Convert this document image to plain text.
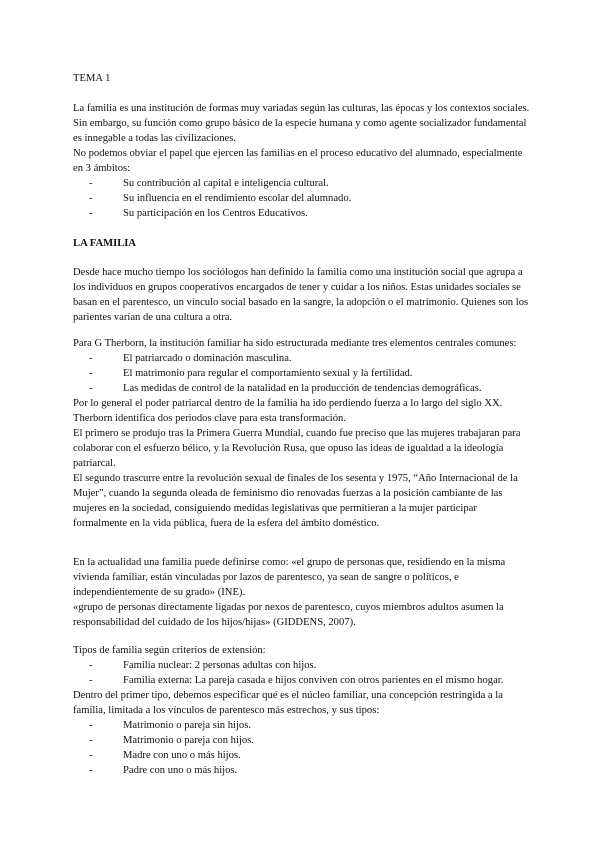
TEMA 1

La familia es una institución de formas muy variadas según las culturas, las épocas y los contextos sociales. Sin embargo, su función como grupo básico de la especie humana y como agente socializador fundamental es innegable a todas las civilizaciones.

No podemos obviar el papel que ejercen las familias en el proceso educativo del alumnado, especialmente en 3 ámbitos:

- Su contribución al capital e inteligencia cultural.
- Su influencia en el rendimiento escolar del alumnado.
- Su participación en los Centros Educativos.

LA FAMILIA

Desde hace mucho tiempo los sociólogos han definido la familia como una institución social que agrupa a los individuos en grupos cooperativos encargados de tener y cuidar a los niños. Estas unidades sociales se basan en el parentesco, un vínculo social basado en la sangre, la adopción o el matrimonio. Quienes son los parientes varían de una cultura a otra.

Para G Therborn, la institución familiar ha sido estructurada mediante tres elementos centrales comunes:

- El patriarcado o dominación masculina.
- El matrimonio para regular el comportamiento sexual y la fertilidad.
- Las medidas de control de la natalidad en la producción de tendencias demográficas.

Por lo general el poder patriarcal dentro de la familia ha ido perdiendo fuerza a lo largo del siglo XX. Therborn identifica dos periodos clave para esta transformación.

El primero se produjo tras la Primera Guerra Mundial, cuando fue preciso que las mujeres trabajaran para colaborar con el esfuerzo bélico, y la Revolución Rusa, que opuso las ideas de igualdad a la ideología patriarcal.

El segundo trascurre entre la revolución sexual de finales de los sesenta y 1975, “Año Internacional de la Mujer”, cuando la segunda oleada de feminismo dio renovadas fuerzas a la posición cambiante de las mujeres en la sociedad, consiguiendo medidas legislativas que permitieran a la mujer participar formalmente en la vida pública, fuera de la esfera del ámbito doméstico.

En la actualidad una familia puede definirse como: «el grupo de personas que, residiendo en la misma vivienda familiar, están vinculadas por lazos de parentesco, ya sean de sangre o políticos, e independientemente de su grado» (INE).

«grupo de personas directamente ligadas por nexos de parentesco, cuyos miembros adultos asumen la responsabilidad del cuidado de los hijos/hijas» (GIDDENS, 2007).

Tipos de familia según criterios de extensión:

- Familia nuclear: 2 personas adultas con hijos.
- Familia externa: La pareja casada e hijos conviven con otros parientes en el mismo hogar.

Dentro del primer tipo, debemos especificar qué es el núcleo familiar, una concepción restringida a la familia, limitada a los vínculos de parentesco más estrechos, y sus tipos:

- Matrimonio o pareja sin hijos.
- Matrimonio o pareja con hijos.
- Madre con uno o más hijos.
- Padre con uno o más hijos.
